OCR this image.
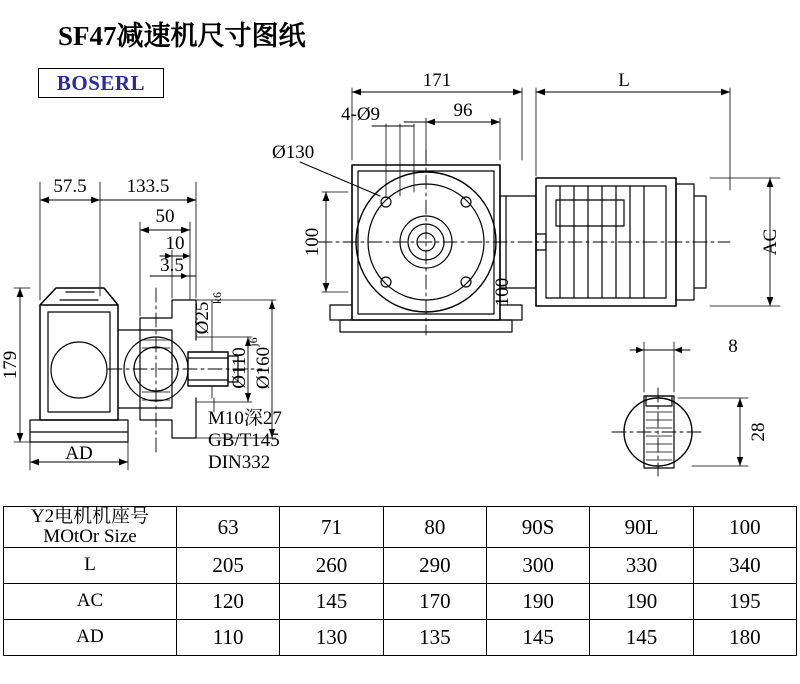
SF47减速机尺寸图纸
BOSERL	171	L
96
4-Ø9
Ø130
100
100
AC
57.5 133.5
50
10
3.5
Ø25
k6
Ø110
j6
Ø160
179
AD
8
28
M10深27
GB/T145
DIN332
Y2电机机座号
MOtOr Size	63	71	80	90S	90L	100
L	205	260	290	300	330	340
AC	120	145	170	190	190	195
AD	110	130	135	145	145	180
